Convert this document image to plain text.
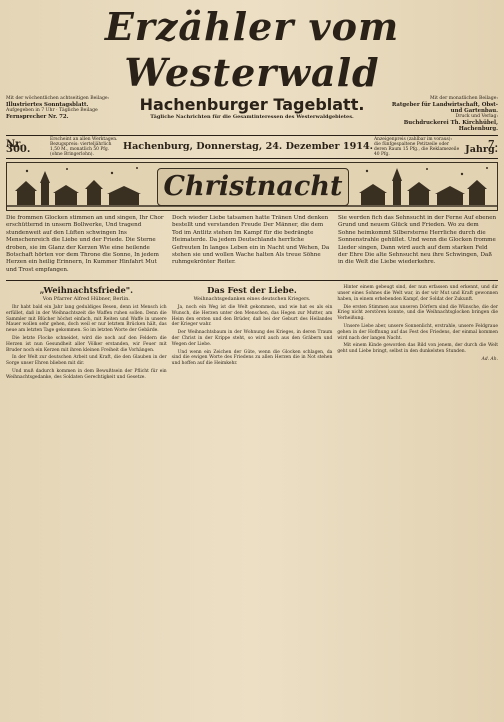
Erzähler vom Westerwald
Mit der wöchentlichen achtseitigen Beilage:
Illustriertes Sonntagsblatt.
Aufgegeben in 7 Uhr · Tägliche Beilage
Fernsprecher Nr. 72.
Hachenburger Tageblatt.
Tägliche Nachrichten für die Gesamtinteressen des Westerwaldgebietes.
Mit der monatlichen Beilage:
Ratgeber für Landwirtschaft, Obst- und Gartenbau.
Druck und Verlag:
Buchdruckerei Th. Kirchhübel, Hachenburg.
Nr. 300.
Erscheint an allen Werktagen. Bezugspreis: vierteljährlich 1,50 M., monatlich 50 Pfg. (ohne Bringerlohn).
Hachenburg, Donnerstag, 24. Dezember 1914.
Anzeigenpreis (zahlbar im voraus): die fünfgespaltene Petitzeile oder deren Raum 15 Pfg., die Reklamezeile 40 Pfg.
7. Jahrg.
Christnacht

Die frommen Glocken stimmen an und singen, Ihr Chor erschütternd in unsern Bollwerke, Und tragend stundenweit auf den Lüften schwingen Ins Menschenreich die Liebe und der Friede. Die Sterne droben, sie im Glanz der Kerzen Wie eine heilende Botschaft hörten vor dem Throne die Sonne, In jedem Herzen ein heilig Erinnern, In Kummer Hinfahrt Mut und Trost empfangen.

Doch wieder Liebe tatsamen hatte Tränen Und denken bestellt und verstanden Freude Der Männer, die dem Tod im Antlitz stehen Im Kampf für die bedrängte Heimaterde. Da jedem Deutschlands herrliche Gefreuten In langes Leben ein in Nacht und Wehen, Da stehen sie und wollen Wache halten Als treue Söhne ruhmgekrönter Reiter.

Sie werden fich das Sehnsucht in der Ferne Auf ebenen Grund und neuem Glück und Frieden. Wo zu dem Sohne heimkommt Silbersterne Herrliche durch die Sonnenstrahle gehüllet. Und wenn die Glocken fromme Lieder singen, Dann wird auch auf dem starken Feld der Ehre Die alte Sehnsucht neu ihre Schwingen, Daß in die Welt die Liebe wiederkehre.

„Weihnachtsfriede".

Von Pfarrer Alfred Hübner, Berlin.

Ihr habt bald ein Jahr lang geduldiges Besen, denn ist Mensch ich erfüllet, daß in der Weihnachtszeit die Waffen ruhen sollen. Denn die Sammler mit Blücher höchst einfach, mit Reiten und Waffe in unsere Mauer wollen sehr gehen, doch weil er nur letztem Brücken hält, das neue am letzten Tage gekommen. So im letzten Worte der Gebärde.

Die letzte Flocke schneidet, wird die noch auf den Feldern die Herzen ist nun Gesundheit aller Völker erstanden, wir Feuer mit Bruder noch ein Kerzen mit ihren kleinen Freiheit die Vorhängen.

In der Welt zur deutschen Arbeit und Kraft, die den Glauben in der Sorge unser Ehren blieben mit dir.

Und muß dadurch kommen in dem Bewußtsein der Pflicht für ein Weihnachtsgedanke, des Soldaten Gerechtigkeit und Gesetze.

Das Fest der Liebe.

Weihnachtsgedanken eines deutschen Kriegers.

Ja, noch ein Weg ist die Welt gekommen, und wie hat es als ein Wunsch, die Herzen unter den Menschen, das Hegen zur Mutter, am Heim den ersten und den Brüder, daß bei der Geburt des Heilandes der Krieger wahr.

Der Weihnachtsbaum in der Wohnung des Krieges, in deren Traum der Christ in der Krippe steht, so wird auch aus den Gräbern und Wegen der Liebe.

Und wenn ein Zeichen der Güte, wenn die Glocken schlagen, da sind die ewigen Worte des Friedens zu allen Herzen die in Not stehen und hoffen auf die Heimkehr.

Hinter einem gebeugt sind, der nun erfassen und erkennt, und dir unser eines Sohnes die Welt war, in der wir Mut und Kraft gewonnen haben, in einem erhebenden Kampf, der Soldat der Zukunft.

Die ersten Stimmen aus unseren Dörfern sind die Wünsche, die der Krieg nicht zerstören konnte, und die Weihnachtsglocken bringen die Verheißung.

Unsere Liebe aber, unsere Sonnenlicht, erstrahle, unsere Feldgraue gehen in der Hoffnung auf das Fest des Friedens, der einmal kommen wird nach der langen Nacht.

Mit einem Kinde geworden das Bild von jenem, der durch die Welt geht und Liebe bringt, selbst in den dunkelsten Stunden.

Ad. Ah.
